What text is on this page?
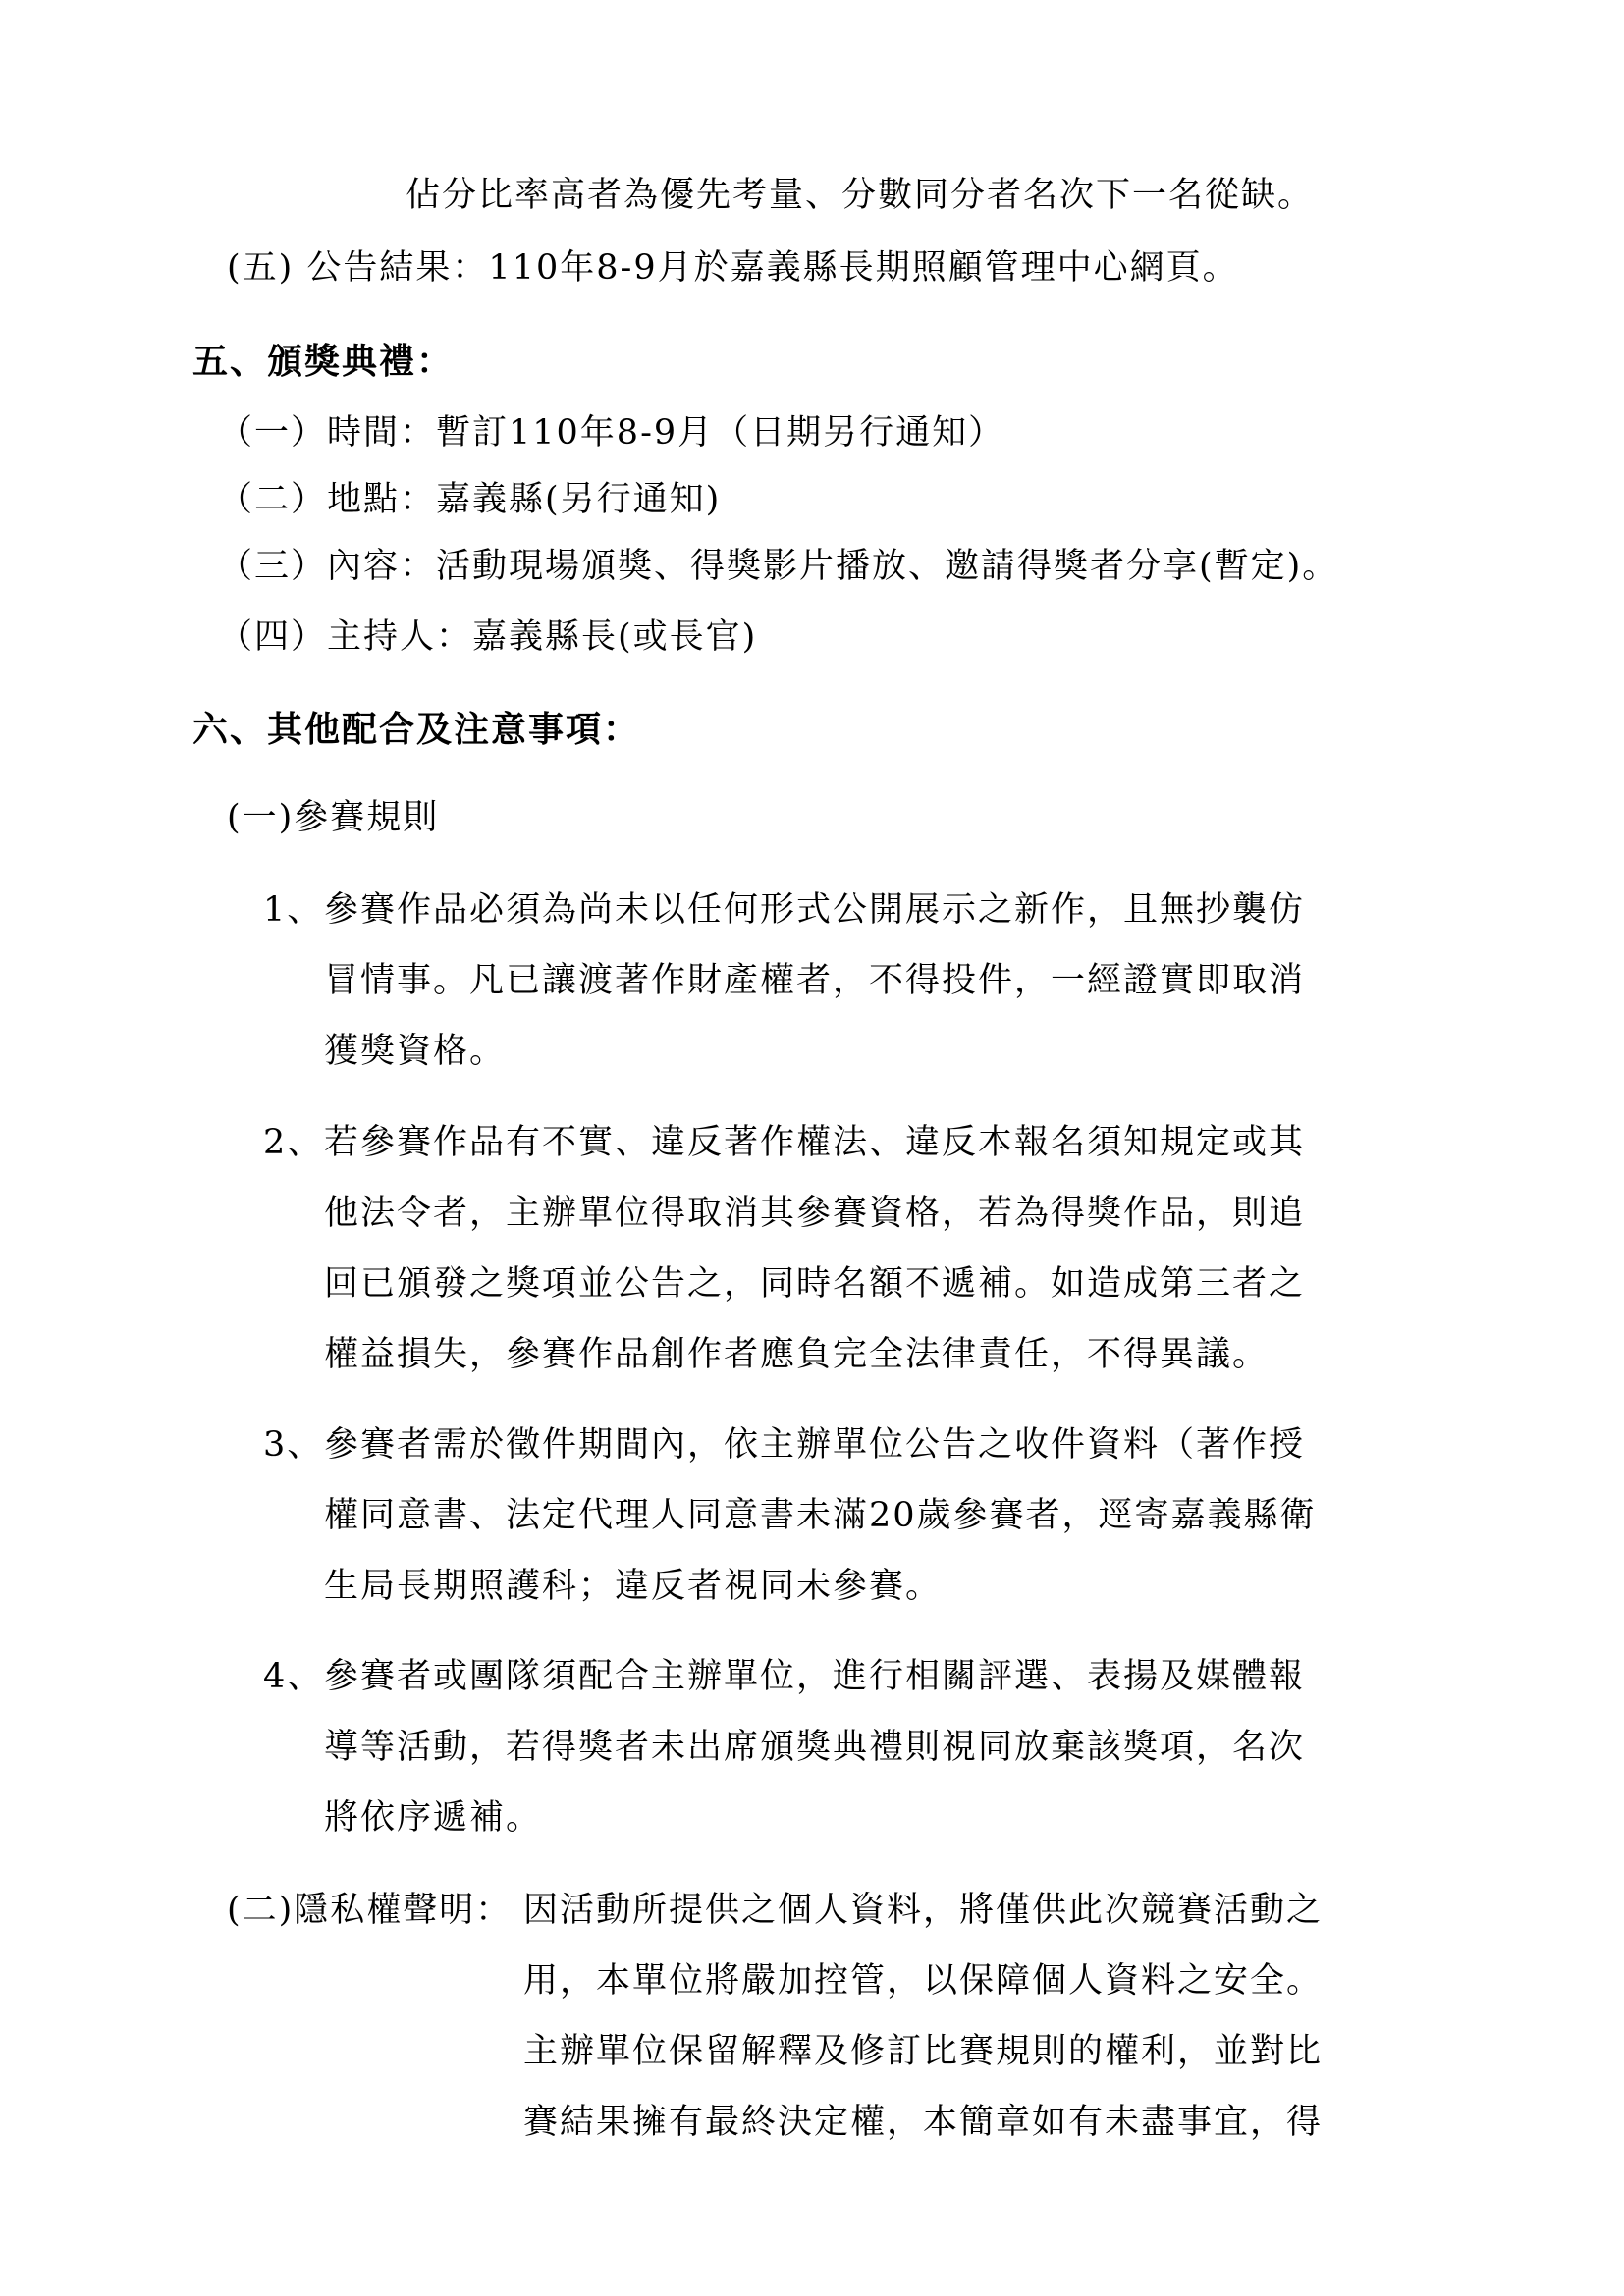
佔分比率高者為優先考量、分數同分者名次下一名從缺。
(五) 公告結果：110年8-9月於嘉義縣長期照顧管理中心網頁。
五、頒獎典禮：
（一）時間：暫訂110年8-9月（日期另行通知）
（二）地點：嘉義縣(另行通知)
（三）內容：活動現場頒獎、得獎影片播放、邀請得獎者分享(暫定)。
（四）主持人：嘉義縣長(或長官)
六、其他配合及注意事項：
(一)參賽規則
1、 參賽作品必須為尚未以任何形式公開展示之新作，且無抄襲仿
冒情事。凡已讓渡著作財產權者，不得投件，一經證實即取消
獲獎資格。
2、 若參賽作品有不實、違反著作權法、違反本報名須知規定或其
他法令者，主辦單位得取消其參賽資格，若為得獎作品，則追
回已頒發之獎項並公告之，同時名額不遞補。如造成第三者之
權益損失，參賽作品創作者應負完全法律責任，不得異議。
3、 參賽者需於徵件期間內，依主辦單位公告之收件資料（著作授
權同意書、法定代理人同意書未滿20歲參賽者，逕寄嘉義縣衛
生局長期照護科；違反者視同未參賽。
4、 參賽者或團隊須配合主辦單位，進行相關評選、表揚及媒體報
導等活動，若得獎者未出席頒獎典禮則視同放棄該獎項，名次
將依序遞補。
(二)隱私權聲明： 因活動所提供之個人資料，將僅供此次競賽活動之
用，本單位將嚴加控管，以保障個人資料之安全。
主辦單位保留解釋及修訂比賽規則的權利，並對比
賽結果擁有最終決定權，本簡章如有未盡事宜，得
